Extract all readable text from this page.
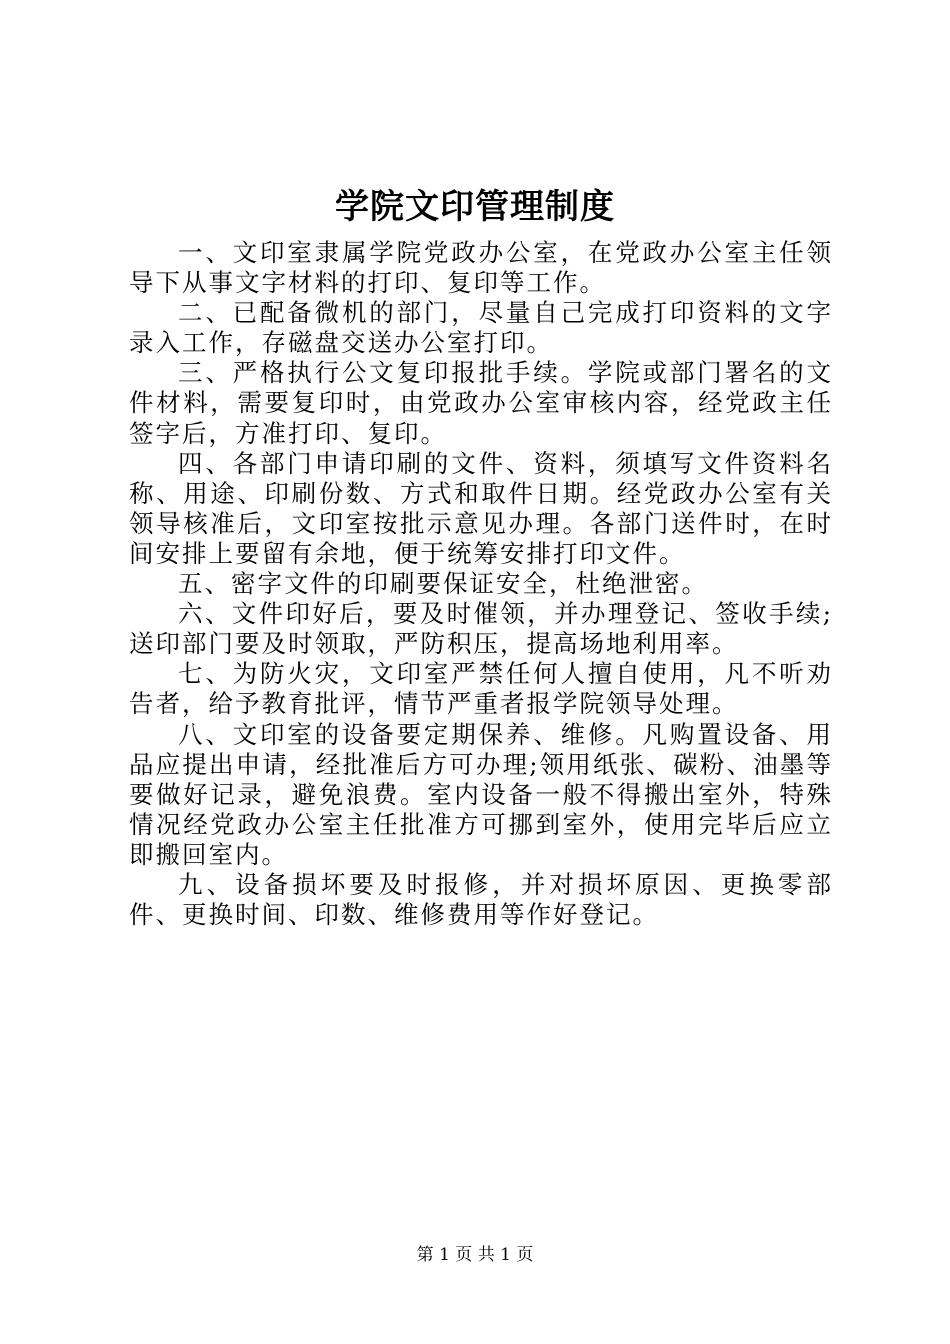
学院文印管理制度

一、文印室隶属学院党政办公室，在党政办公室主任领导下从事文字材料的打印、复印等工作。

二、已配备微机的部门，尽量自己完成打印资料的文字录入工作，存磁盘交送办公室打印。

三、严格执行公文复印报批手续。学院或部门署名的文件材料，需要复印时，由党政办公室审核内容，经党政主任签字后，方准打印、复印。

四、各部门申请印刷的文件、资料，须填写文件资料名称、用途、印刷份数、方式和取件日期。经党政办公室有关领导核准后，文印室按批示意见办理。各部门送件时，在时间安排上要留有余地，便于统筹安排打印文件。

五、密字文件的印刷要保证安全，杜绝泄密。

六、文件印好后，要及时催领，并办理登记、签收手续;送印部门要及时领取，严防积压，提高场地利用率。

七、为防火灾，文印室严禁任何人擅自使用，凡不听劝告者，给予教育批评，情节严重者报学院领导处理。

八、文印室的设备要定期保养、维修。凡购置设备、用品应提出申请，经批准后方可办理;领用纸张、碳粉、油墨等要做好记录，避免浪费。室内设备一般不得搬出室外，特殊情况经党政办公室主任批准方可挪到室外，使用完毕后应立即搬回室内。

九、设备损坏要及时报修，并对损坏原因、更换零部件、更换时间、印数、维修费用等作好登记。

第 1 页 共 1 页
